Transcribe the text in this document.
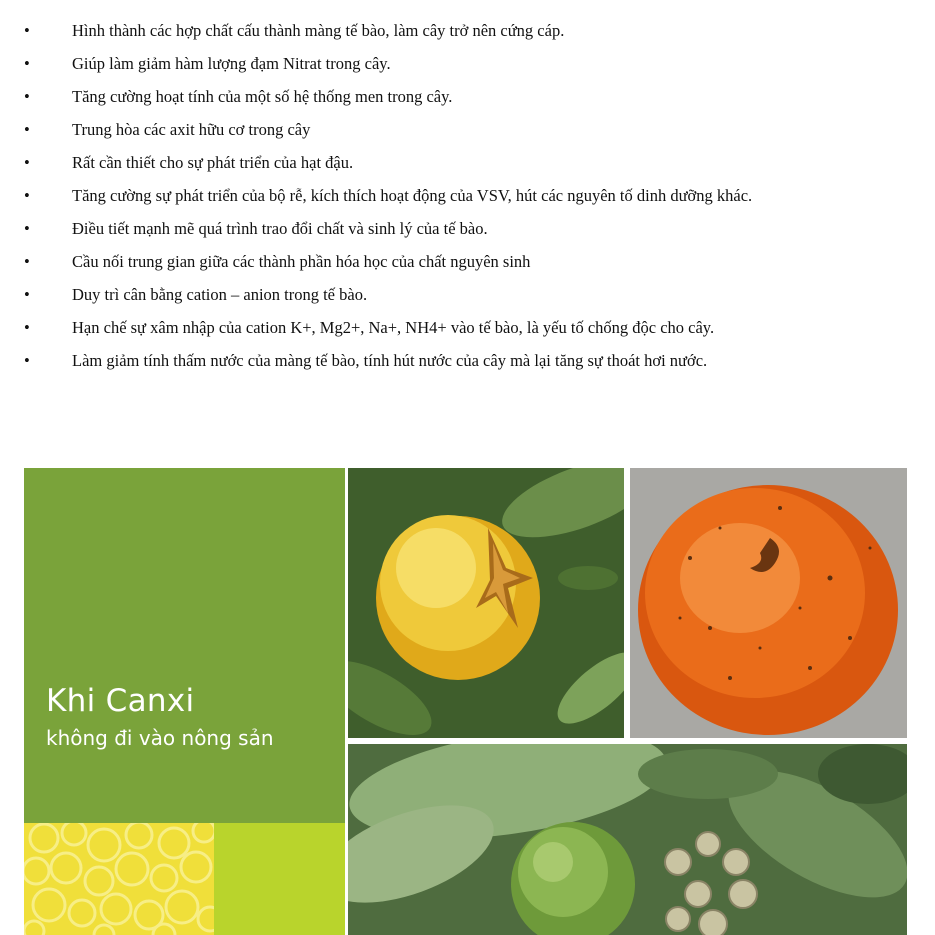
•	Hình thành các hợp chất cấu thành màng tế bào, làm cây trở nên cứng cáp.
•	Giúp làm giảm hàm lượng đạm Nitrat trong cây.
•	Tăng cường hoạt tính của một số hệ thống men trong cây.
•	Trung hòa các axit hữu cơ trong cây
•	Rất cần thiết cho sự phát triển của hạt đậu.
•	Tăng cường sự phát triển của bộ rễ, kích thích hoạt động của VSV, hút các nguyên tố dinh dưỡng khác.
•	Điều tiết mạnh mẽ quá trình trao đổi chất và sinh lý của tế bào.
•	Cầu nối trung gian giữa các thành phần hóa học của chất nguyên sinh
•	Duy trì cân bằng cation – anion trong tế bào.
•	Hạn chế sự xâm nhập của cation K+, Mg2+, Na+, NH4+ vào tế bào, là yếu tố chống độc cho cây.
•	Làm giảm tính thấm nước của màng tế bào, tính hút nước của cây mà lại tăng sự thoát hơi nước.
Khi Canxi
không đi vào nông sản
